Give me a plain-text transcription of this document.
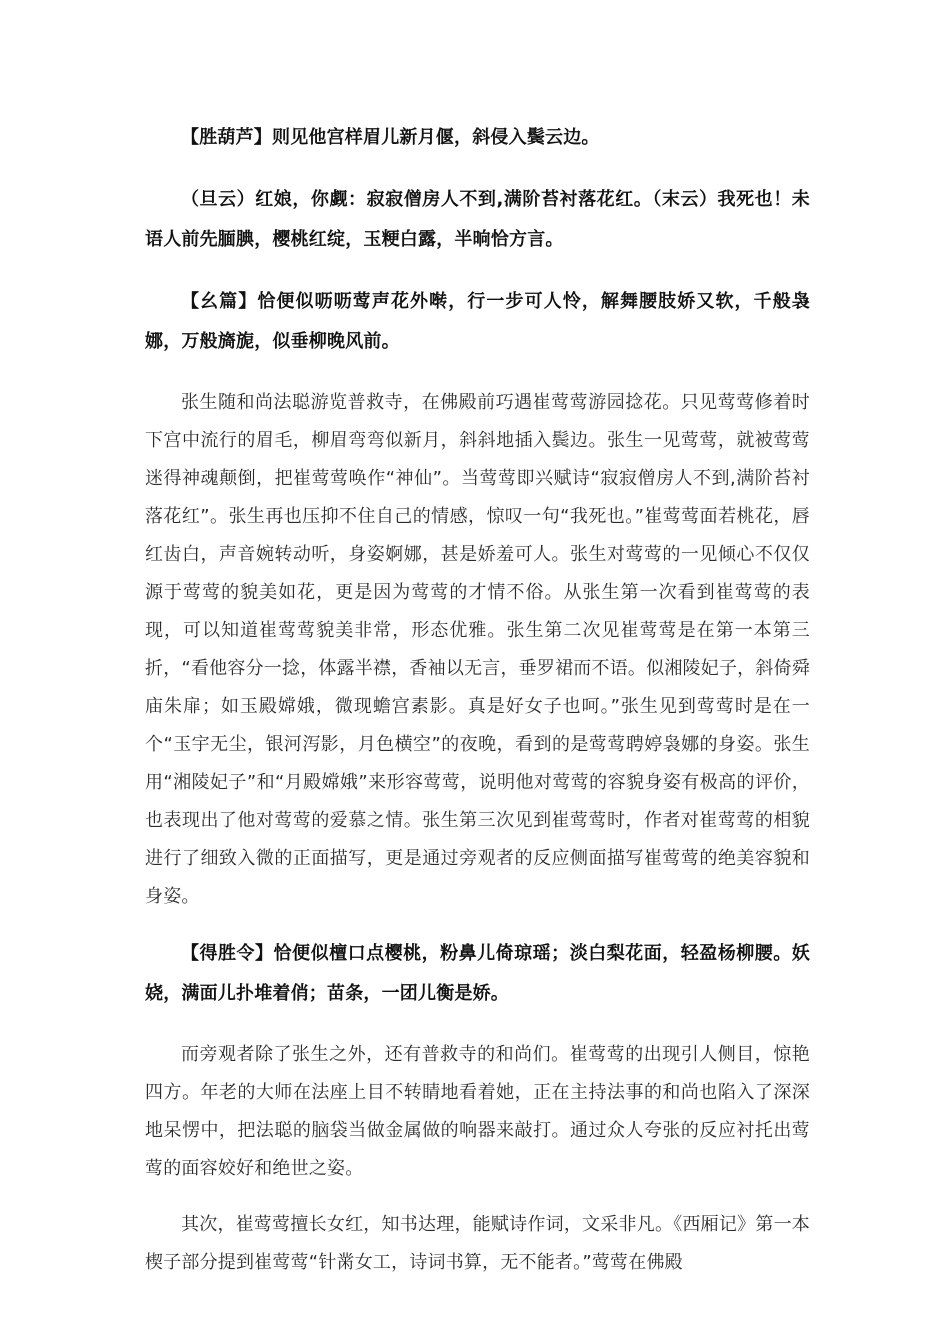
【胜葫芦】则见他宫样眉儿新月偃，斜侵入鬓云边。

（旦云）红娘，你觑：寂寂僧房人不到,满阶苔衬落花红。（末云）我死也！未语人前先腼腆，樱桃红绽，玉粳白露，半晌恰方言。

【幺篇】恰便似呖呖莺声花外啭，行一步可人怜，解舞腰肢娇又软，千般袅娜，万般旖旎，似垂柳晚风前。

张生随和尚法聪游览普救寺，在佛殿前巧遇崔莺莺游园捻花。只见莺莺修着时下宫中流行的眉毛，柳眉弯弯似新月，斜斜地插入鬓边。张生一见莺莺，就被莺莺迷得神魂颠倒，把崔莺莺唤作“神仙”。当莺莺即兴赋诗“寂寂僧房人不到,满阶苔衬落花红”。张生再也压抑不住自己的情感，惊叹一句“我死也。”崔莺莺面若桃花，唇红齿白，声音婉转动听，身姿婀娜，甚是娇羞可人。张生对莺莺的一见倾心不仅仅源于莺莺的貌美如花，更是因为莺莺的才情不俗。从张生第一次看到崔莺莺的表现，可以知道崔莺莺貌美非常，形态优雅。张生第二次见崔莺莺是在第一本第三折，“看他容分一捻，体露半襟，香袖以无言，垂罗裙而不语。似湘陵妃子，斜倚舜庙朱扉；如玉殿嫦娥，微现蟾宫素影。真是好女子也呵。”张生见到莺莺时是在一个“玉宇无尘，银河泻影，月色横空”的夜晚，看到的是莺莺聘婷袅娜的身姿。张生用“湘陵妃子”和“月殿嫦娥”来形容莺莺，说明他对莺莺的容貌身姿有极高的评价，也表现出了他对莺莺的爱慕之情。张生第三次见到崔莺莺时，作者对崔莺莺的相貌进行了细致入微的正面描写，更是通过旁观者的反应侧面描写崔莺莺的绝美容貌和身姿。

【得胜令】恰便似檀口点樱桃，粉鼻儿倚琼瑶；淡白梨花面，轻盈杨柳腰。妖娆，满面儿扑堆着俏；苗条，一团儿衡是娇。

而旁观者除了张生之外，还有普救寺的和尚们。崔莺莺的出现引人侧目，惊艳四方。年老的大师在法座上目不转睛地看着她，正在主持法事的和尚也陷入了深深地呆愣中，把法聪的脑袋当做金属做的响器来敲打。通过众人夸张的反应衬托出莺莺的面容姣好和绝世之姿。

其次，崔莺莺擅长女红，知书达理，能赋诗作词，文采非凡。《西厢记》第一本楔子部分提到崔莺莺“针黹女工，诗词书算，无不能者。”莺莺在佛殿
